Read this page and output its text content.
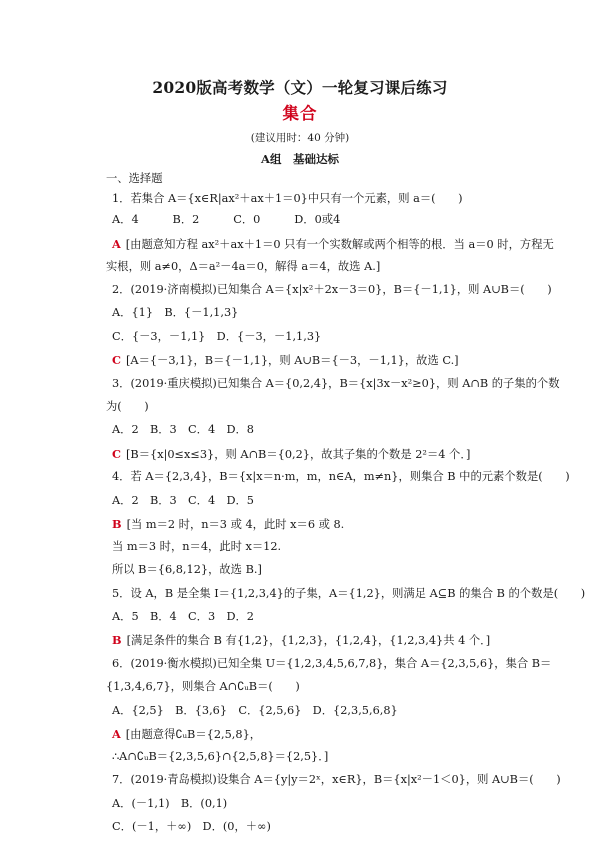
2020版高考数学（文）一轮复习课后练习
集合
(建议用时：40 分钟)
A组　基础达标
一、选择题
1．若集合 A＝{x∈R|ax²＋ax＋1＝0}中只有一个元素，则 a＝(　　)
A．4　　　B．2　　　C．0　　　D．0或4
A [由题意知方程 ax²＋ax＋1＝0 只有一个实数解或两个相等的根．当 a＝0 时，方程无
实根，则 a≠0，Δ＝a²－4a＝0，解得 a＝4，故选 A.]
2．(2019·济南模拟)已知集合 A＝{x|x²＋2x－3＝0}，B＝{－1,1}，则 A∪B＝(　　)
A．{1}　B．{－1,1,3}
C．{－3，－1,1}　D．{－3，－1,1,3}
C [A＝{－3,1}，B＝{－1,1}，则 A∪B＝{－3，－1,1}，故选 C.]
3．(2019·重庆模拟)已知集合 A＝{0,2,4}，B＝{x|3x－x²≥0}，则 A∩B 的子集的个数
为(　　)
A．2　B．3　C．4　D．8
C [B＝{x|0≤x≤3}，则 A∩B＝{0,2}，故其子集的个数是 2²＝4 个．]
4．若 A＝{2,3,4}，B＝{x|x＝n·m，m，n∈A，m≠n}，则集合 B 中的元素个数是(　　)
A．2　B．3　C．4　D．5
B [当 m＝2 时，n＝3 或 4，此时 x＝6 或 8.
当 m＝3 时，n＝4，此时 x＝12.
所以 B＝{6,8,12}，故选 B.]
5．设 A，B 是全集 I＝{1,2,3,4}的子集，A＝{1,2}，则满足 A⊆B 的集合 B 的个数是(　　)
A．5　B．4　C．3　D．2
B [满足条件的集合 B 有{1,2}，{1,2,3}，{1,2,4}，{1,2,3,4}共 4 个．]
6．(2019·衡水模拟)已知全集 U＝{1,2,3,4,5,6,7,8}，集合 A＝{2,3,5,6}，集合 B＝
{1,3,4,6,7}，则集合 A∩∁ᵤB＝(　　)
A．{2,5}　B．{3,6}　C．{2,5,6}　D．{2,3,5,6,8}
A [由题意得∁ᵤB＝{2,5,8}，
∴A∩∁ᵤB＝{2,3,5,6}∩{2,5,8}＝{2,5}．]
7．(2019·青岛模拟)设集合 A＝{y|y＝2ˣ，x∈R}，B＝{x|x²－1＜0}，则 A∪B＝(　　)
A．(－1,1)　B．(0,1)
C．(－1，＋∞)　D．(0，＋∞)
